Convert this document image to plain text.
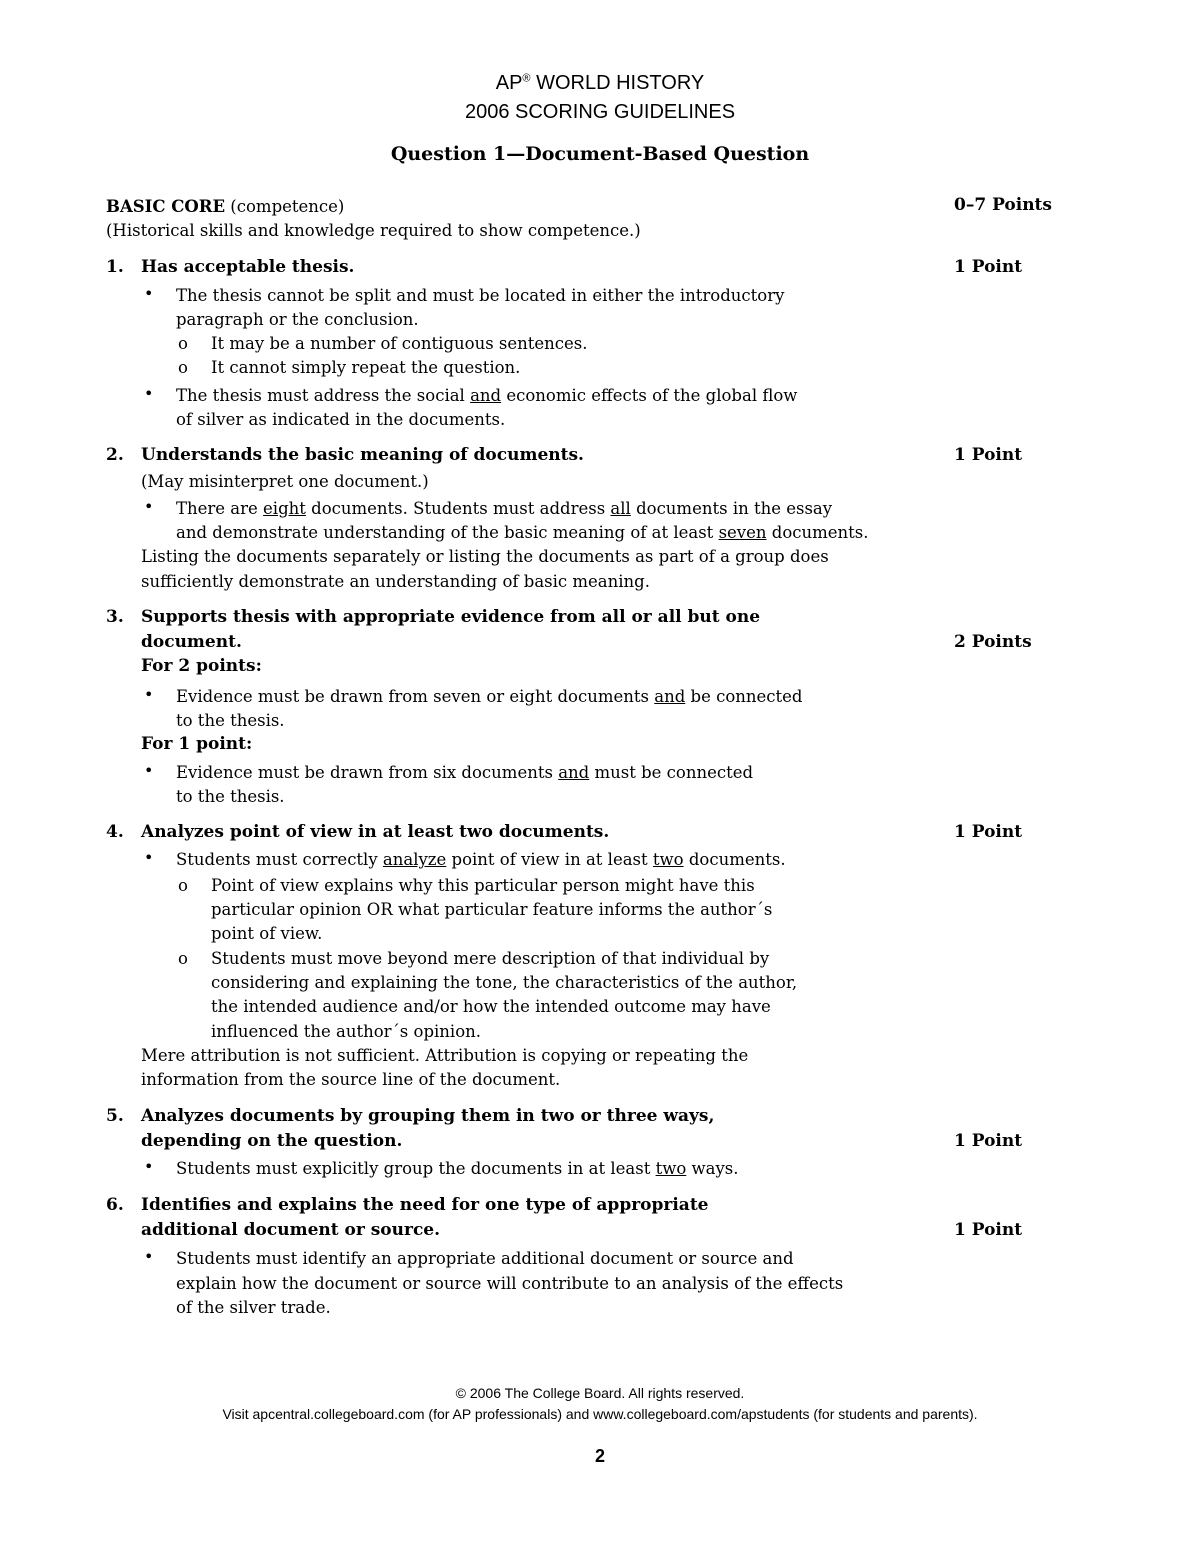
AP® WORLD HISTORY
2006 SCORING GUIDELINES
Question 1—Document-Based Question
BASIC CORE (competence)	0–7 Points
(Historical skills and knowledge required to show competence.)
1. Has acceptable thesis.	1 Point
• The thesis cannot be split and must be located in either the introductory
paragraph or the conclusion.
o It may be a number of contiguous sentences.
o It cannot simply repeat the question.
• The thesis must address the social and economic effects of the global flow
of silver as indicated in the documents.
2. Understands the basic meaning of documents.	1 Point
(May misinterpret one document.)
• There are eight documents. Students must address all documents in the essay
and demonstrate understanding of the basic meaning of at least seven documents.
Listing the documents separately or listing the documents as part of a group does
sufficiently demonstrate an understanding of basic meaning.
3. Supports thesis with appropriate evidence from all or all but one
document.	2 Points
For 2 points:
• Evidence must be drawn from seven or eight documents and be connected
to the thesis.
For 1 point:
• Evidence must be drawn from six documents and must be connected
to the thesis.
4. Analyzes point of view in at least two documents.	1 Point
• Students must correctly analyze point of view in at least two documents.
o Point of view explains why this particular person might have this
particular opinion OR what particular feature informs the author´s
point of view.
o Students must move beyond mere description of that individual by
considering and explaining the tone, the characteristics of the author,
the intended audience and/or how the intended outcome may have
influenced the author´s opinion.
Mere attribution is not sufficient. Attribution is copying or repeating the
information from the source line of the document.
5. Analyzes documents by grouping them in two or three ways,
depending on the question.	1 Point
• Students must explicitly group the documents in at least two ways.
6. Identifies and explains the need for one type of appropriate
additional document or source.	1 Point
• Students must identify an appropriate additional document or source and
explain how the document or source will contribute to an analysis of the effects
of the silver trade.
© 2006 The College Board. All rights reserved.
Visit apcentral.collegeboard.com (for AP professionals) and www.collegeboard.com/apstudents (for students and parents).
2
